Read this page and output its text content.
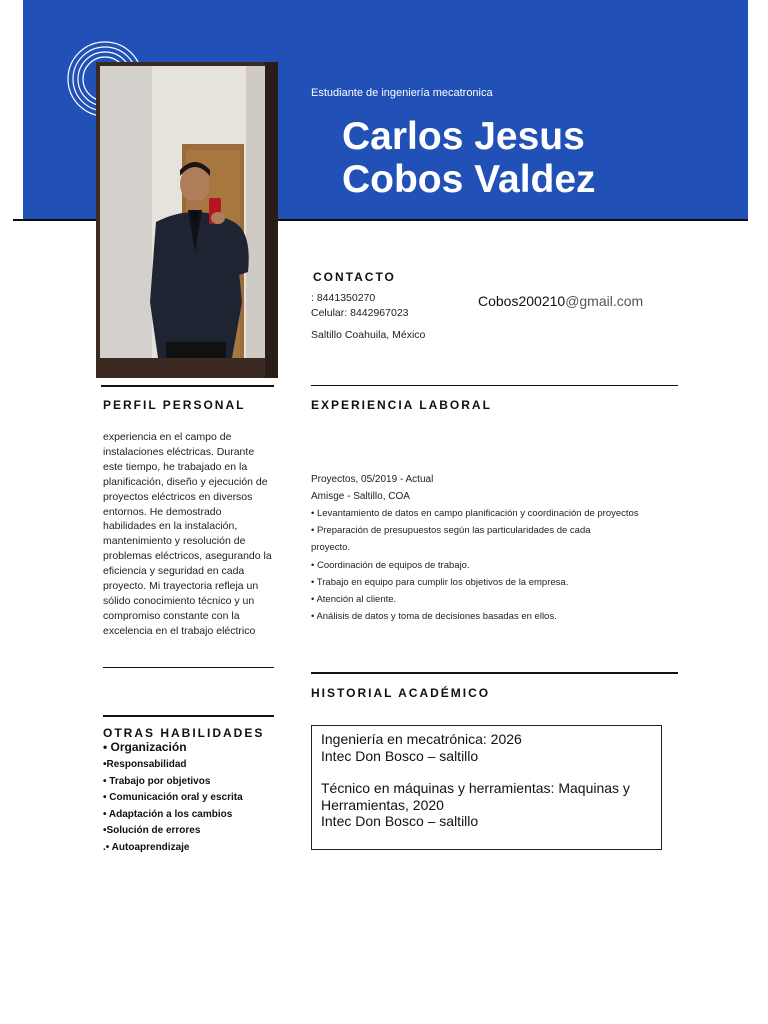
Estudiante de ingeniería mecatronica
Carlos Jesus
Cobos Valdez
CONTACTO
: 8441350270
Celular: 8442967023
Saltillo Coahuila, México
Cobos200210@gmail.com
PERFIL PERSONAL
experiencia en el campo de instalaciones eléctricas. Durante este tiempo, he trabajado en la planificación, diseño y ejecución de proyectos eléctricos en diversos entornos. He demostrado habilidades en la instalación, mantenimiento y resolución de problemas eléctricos, asegurando la eficiencia y seguridad en cada proyecto. Mi trayectoria refleja un sólido conocimiento técnico y un compromiso constante con la excelencia en el trabajo eléctrico
OTRAS HABILIDADES
• Organización
•Responsabilidad
• Trabajo por objetivos
• Comunicación oral y escrita
• Adaptación a los cambios
•Solución de errores
.• Autoaprendizaje
EXPERIENCIA LABORAL
Proyectos, 05/2019 - Actual
Amisge - Saltillo, COA
• Levantamiento de datos en campo planificación y coordinación de proyectos
• Preparación de presupuestos según las particularidades de cada
proyecto.
• Coordinación de equipos de trabajo.
• Trabajo en equipo para cumplir los objetivos de la empresa.
• Atención al cliente.
• Análisis de datos y toma de decisiones basadas en ellos.
HISTORIAL ACADÉMICO
Ingeniería en mecatrónica: 2026
Intec Don Bosco – saltillo
Técnico en máquinas y herramientas: Maquinas y
Herramientas, 2020
Intec Don Bosco – saltillo
